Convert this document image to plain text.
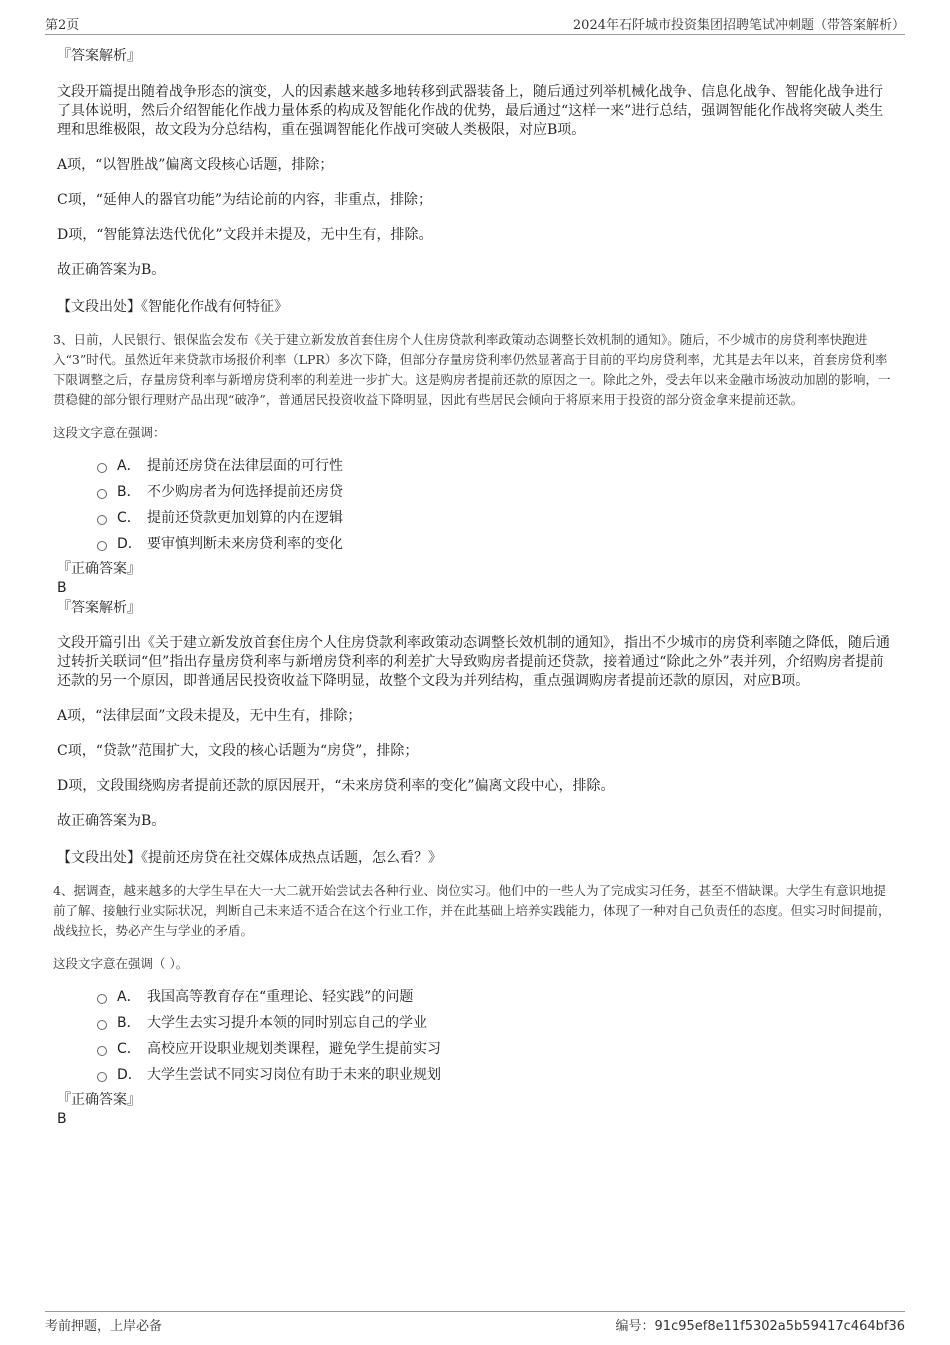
第2页	2024年石阡城市投资集团招聘笔试冲刺题（带答案解析）

『答案解析』

文段开篇提出随着战争形态的演变，人的因素越来越多地转移到武器装备上，随后通过列举机械化战争、信息化战争、智能化战争进行了具体说明，然后介绍智能化作战力量体系的构成及智能化作战的优势，最后通过“这样一来”进行总结，强调智能化作战将突破人类生理和思维极限，故文段为分总结构，重在强调智能化作战可突破人类极限，对应B项。

A项，“以智胜战”偏离文段核心话题，排除；

C项，“延伸人的器官功能”为结论前的内容，非重点，排除；

D项，“智能算法迭代优化”文段并未提及，无中生有，排除。

故正确答案为B。

【文段出处】《智能化作战有何特征》

3、日前，人民银行、银保监会发布《关于建立新发放首套住房个人住房贷款利率政策动态调整长效机制的通知》。随后，不少城市的房贷利率快跑进入“3”时代。虽然近年来贷款市场报价利率（LPR）多次下降，但部分存量房贷利率仍然显著高于目前的平均房贷利率，尤其是去年以来，首套房贷利率下限调整之后，存量房贷利率与新增房贷利率的利差进一步扩大。这是购房者提前还款的原因之一。除此之外，受去年以来金融市场波动加剧的影响，一贯稳健的部分银行理财产品出现“破净”，普通居民投资收益下降明显，因此有些居民会倾向于将原来用于投资的部分资金拿来提前还款。

这段文字意在强调：

A． 提前还房贷在法律层面的可行性
B． 不少购房者为何选择提前还房贷
C． 提前还贷款更加划算的内在逻辑
D． 要审慎判断未来房贷利率的变化

『正确答案』

B

『答案解析』

文段开篇引出《关于建立新发放首套住房个人住房贷款利率政策动态调整长效机制的通知》，指出不少城市的房贷利率随之降低，随后通过转折关联词“但”指出存量房贷利率与新增房贷利率的利差扩大导致购房者提前还贷款，接着通过“除此之外”表并列，介绍购房者提前还款的另一个原因，即普通居民投资收益下降明显，故整个文段为并列结构，重点强调购房者提前还款的原因，对应B项。

A项，“法律层面”文段未提及，无中生有，排除；

C项，“贷款”范围扩大，文段的核心话题为“房贷”，排除；

D项，文段围绕购房者提前还款的原因展开，“未来房贷利率的变化”偏离文段中心，排除。

故正确答案为B。

【文段出处】《提前还房贷在社交媒体成热点话题，怎么看？》

4、据调查，越来越多的大学生早在大一大二就开始尝试去各种行业、岗位实习。他们中的一些人为了完成实习任务，甚至不惜缺课。大学生有意识地提前了解、接触行业实际状况，判断自己未来适不适合在这个行业工作，并在此基础上培养实践能力，体现了一种对自己负责任的态度。但实习时间提前，战线拉长，势必产生与学业的矛盾。

这段文字意在强调（ ）。

A． 我国高等教育存在“重理论、轻实践”的问题
B． 大学生去实习提升本领的同时别忘自己的学业
C． 高校应开设职业规划类课程，避免学生提前实习
D． 大学生尝试不同实习岗位有助于未来的职业规划

『正确答案』

B

考前押题，上岸必备	编号：91c95ef8e11f5302a5b59417c464bf36
